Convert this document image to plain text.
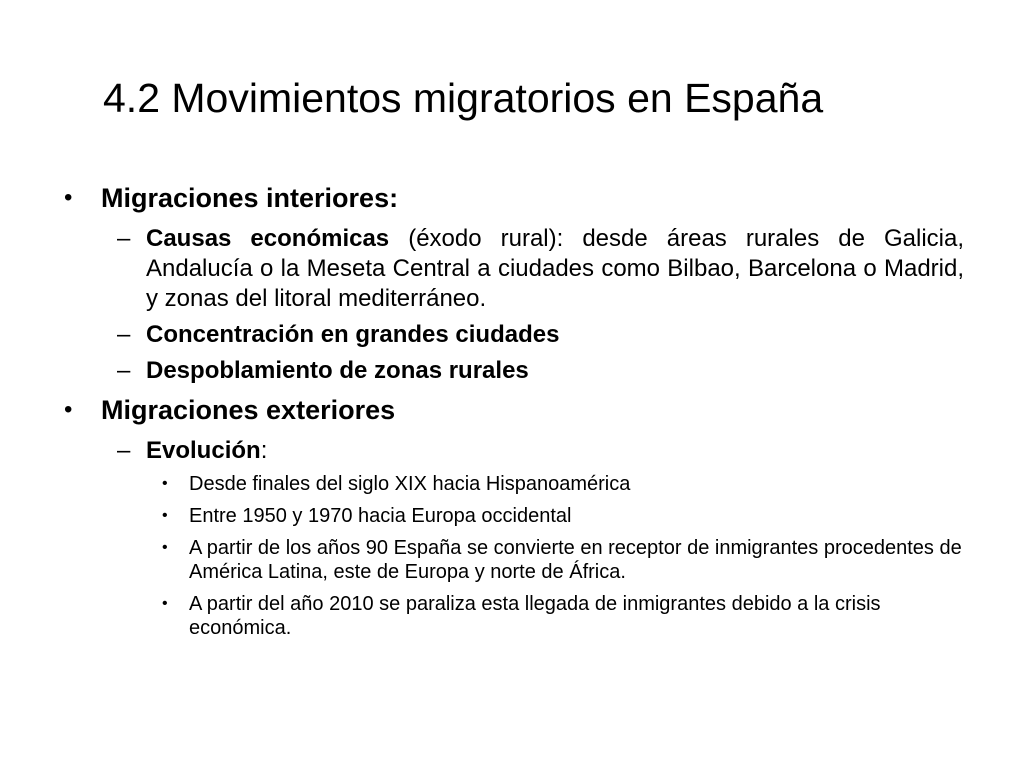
4.2 Movimientos migratorios en España
• Migraciones interiores:
– Causas económicas (éxodo rural): desde áreas rurales de Galicia, Andalucía o la Meseta Central a ciudades como Bilbao, Barcelona o Madrid, y zonas del litoral mediterráneo.
– Concentración en grandes ciudades
– Despoblamiento de zonas rurales
• Migraciones exteriores
– Evolución:
• Desde finales del siglo XIX hacia Hispanoamérica
• Entre 1950 y 1970 hacia Europa occidental
• A partir de los años 90 España se convierte en receptor de inmigrantes procedentes de América Latina, este de Europa y norte de África.
• A partir del año 2010 se paraliza esta llegada de inmigrantes debido a la crisis económica.
